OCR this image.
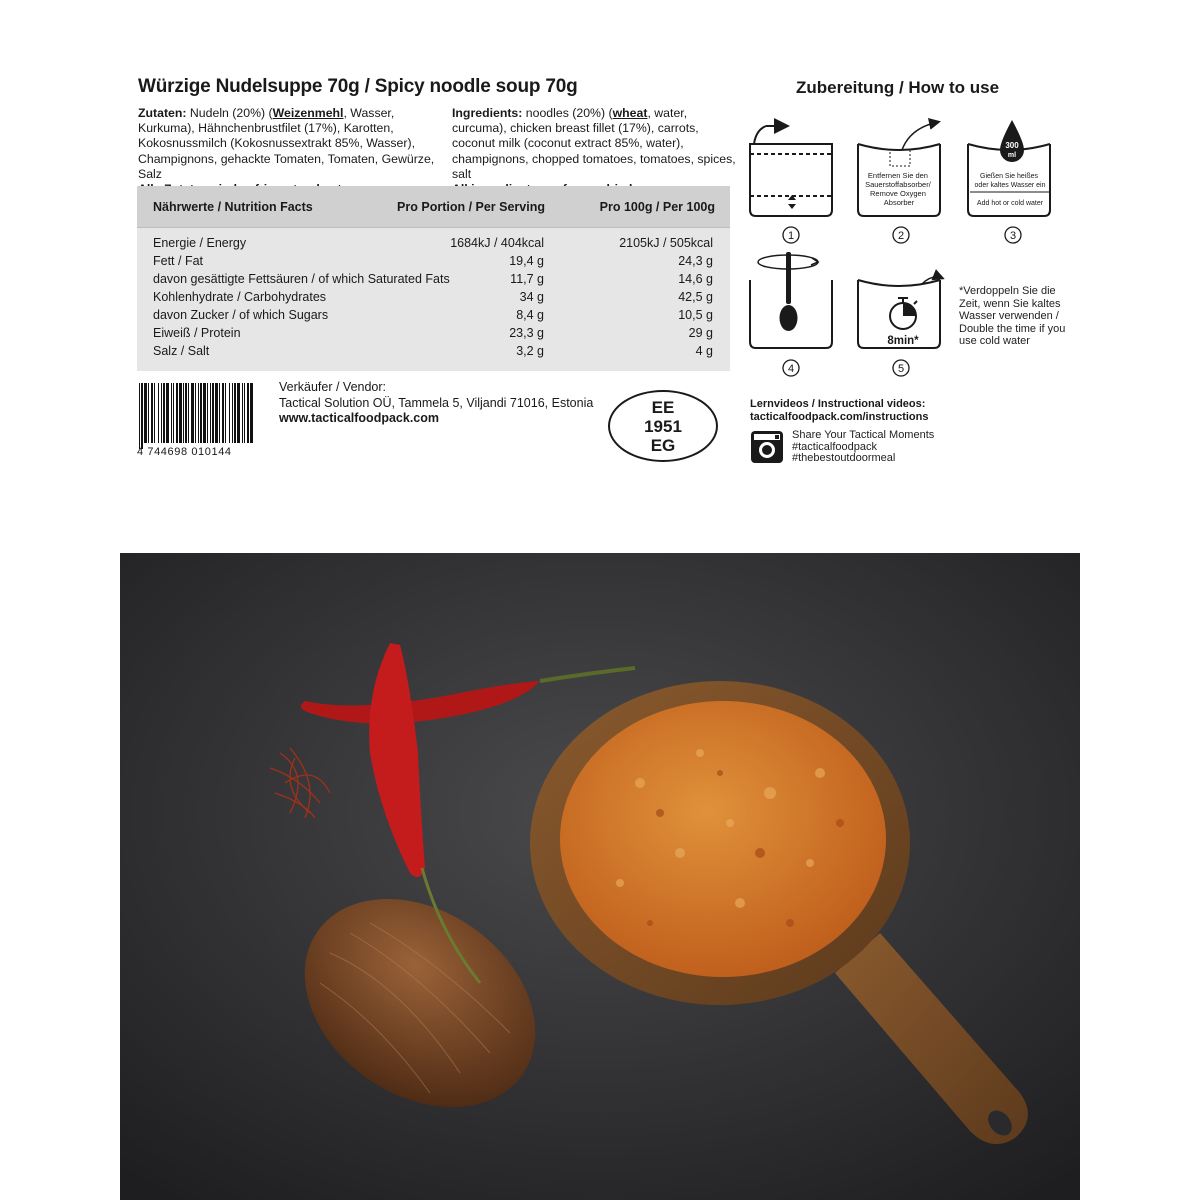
Würzige Nudelsuppe 70g / Spicy noodle soup 70g
Zutaten: Nudeln (20%) (Weizenmehl, Wasser, Kurkuma), Hähnchenbrustfilet (17%), Karotten, Kokosnussmilch (Kokosnussextrakt 85%, Wasser), Champignons, gehackte Tomaten, Tomaten, Gewürze, Salz
Ingredients: noodles (20%) (wheat, water, curcuma), chicken breast fillet (17%), carrots, coconut milk (coconut extract 85%, water), champignons, chopped tomatoes, tomatoes, spices, salt
Nährwerte / Nutrition Facts	Pro Portion / Per Serving	Pro 100g / Per 100g
Energie / Energy	1684kJ / 404kcal	2105kJ / 505kcal
Fett / Fat	19,4 g	24,3 g
davon gesättigte Fettsäuren / of which Saturated Fats	11,7 g	14,6 g
Kohlenhydrate / Carbohydrates	34 g	42,5 g
davon Zucker / of which Sugars	8,4 g	10,5 g
Eiweiß / Protein	23,3 g	29 g
Salz / Salt	3,2 g	4 g
4 744698 010144
Verkäufer / Vendor:
Tactical Solution OÜ, Tammela 5, Viljandi 71016, Estonia
www.tacticalfoodpack.com
EE
1951
EG
Zubereitung / How to use
1
Entfernen Sie den Sauerstoffabsorber/ Remove Oxygen Absorber
2
300
ml
Gießen Sie heißes oder kaltes Wasser ein
Add hot or cold water
3
4
8min*
5
*Verdoppeln Sie die Zeit, wenn Sie kaltes Wasser verwenden / Double the time if you use cold water
Lernvideos / Instructional videos:
tacticalfoodpack.com/instructions
Share Your Tactical Moments
#tacticalfoodpack
#thebestoutdoormeal
